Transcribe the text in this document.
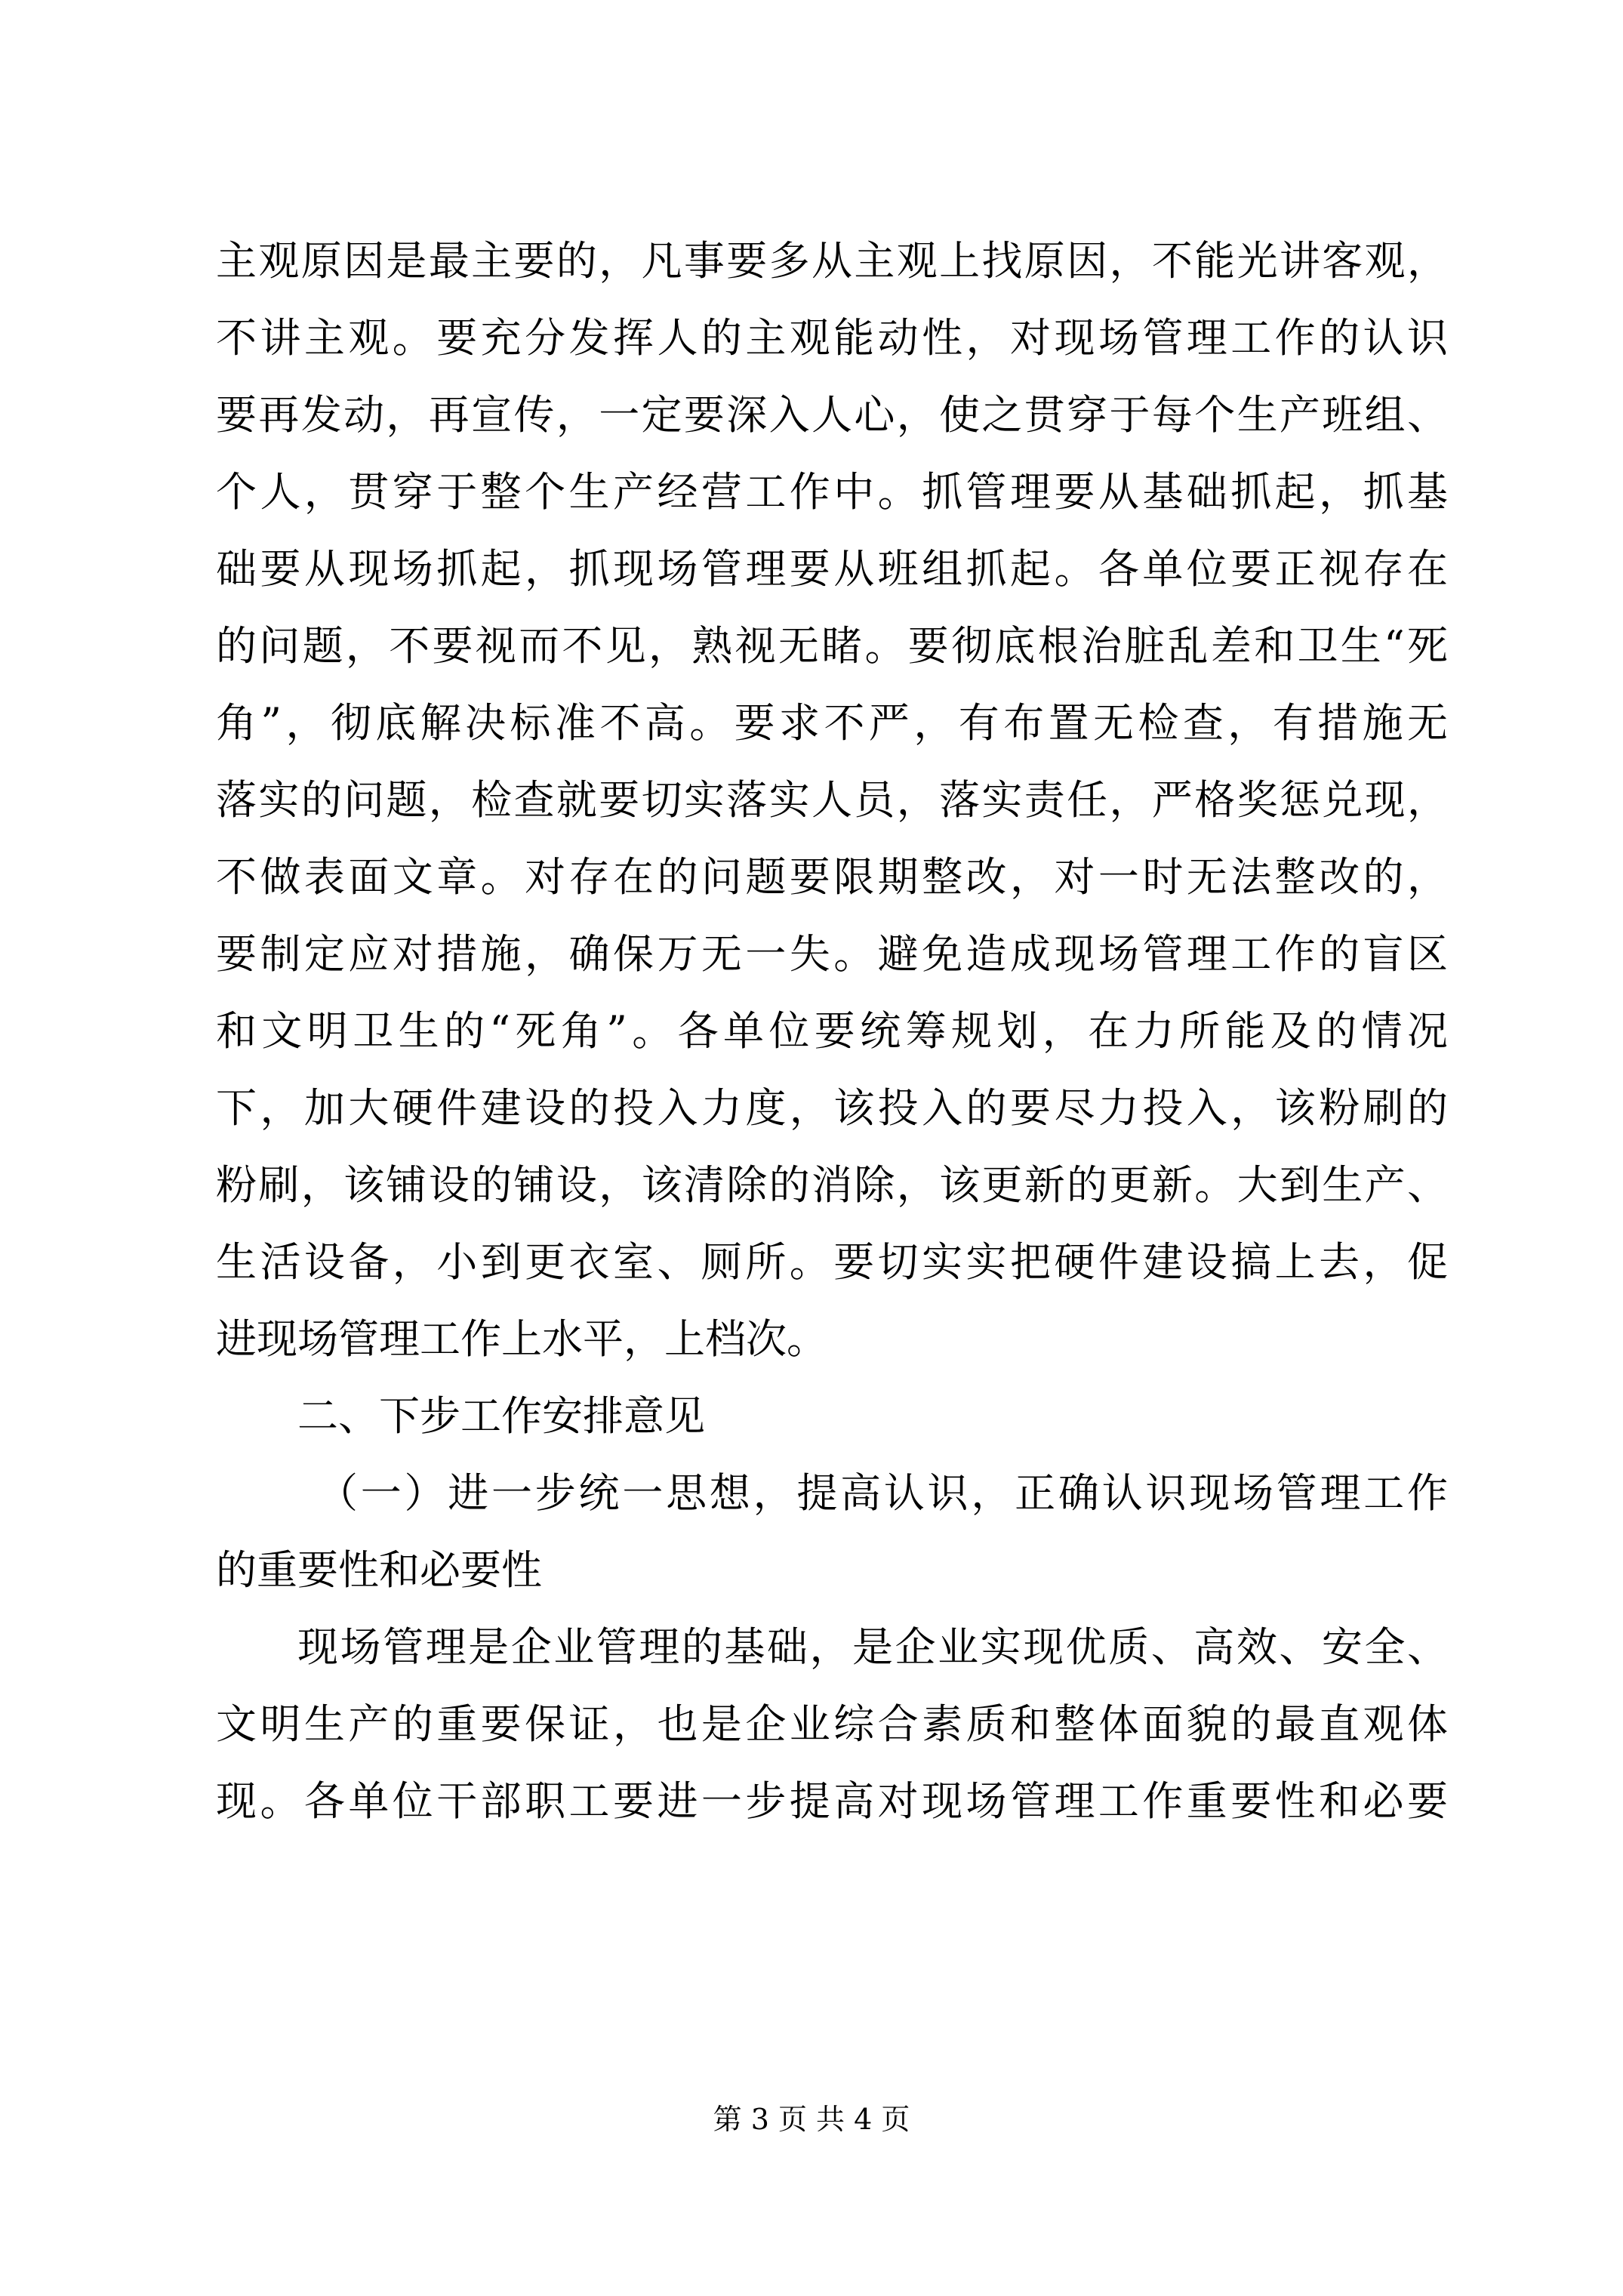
主观原因是最主要的，凡事要多从主观上找原因，不能光讲客观，
不讲主观。要充分发挥人的主观能动性，对现场管理工作的认识
要再发动，再宣传，一定要深入人心，使之贯穿于每个生产班组、
个人，贯穿于整个生产经营工作中。抓管理要从基础抓起，抓基
础要从现场抓起，抓现场管理要从班组抓起。各单位要正视存在
的问题，不要视而不见，熟视无睹。要彻底根治脏乱差和卫生“死
角”，彻底解决标准不高。要求不严，有布置无检查，有措施无
落实的问题，检查就要切实落实人员，落实责任，严格奖惩兑现，
不做表面文章。对存在的问题要限期整改，对一时无法整改的，
要制定应对措施，确保万无一失。避免造成现场管理工作的盲区
和文明卫生的“死角”。各单位要统筹规划，在力所能及的情况
下，加大硬件建设的投入力度，该投入的要尽力投入，该粉刷的
粉刷，该铺设的铺设，该清除的消除，该更新的更新。大到生产、
生活设备，小到更衣室、厕所。要切实实把硬件建设搞上去，促
进现场管理工作上水平，上档次。
二、下步工作安排意见
（一）进一步统一思想，提高认识，正确认识现场管理工作
的重要性和必要性
现场管理是企业管理的基础，是企业实现优质、高效、安全、
文明生产的重要保证，也是企业综合素质和整体面貌的最直观体
现。各单位干部职工要进一步提高对现场管理工作重要性和必要
第 3 页 共 4 页
